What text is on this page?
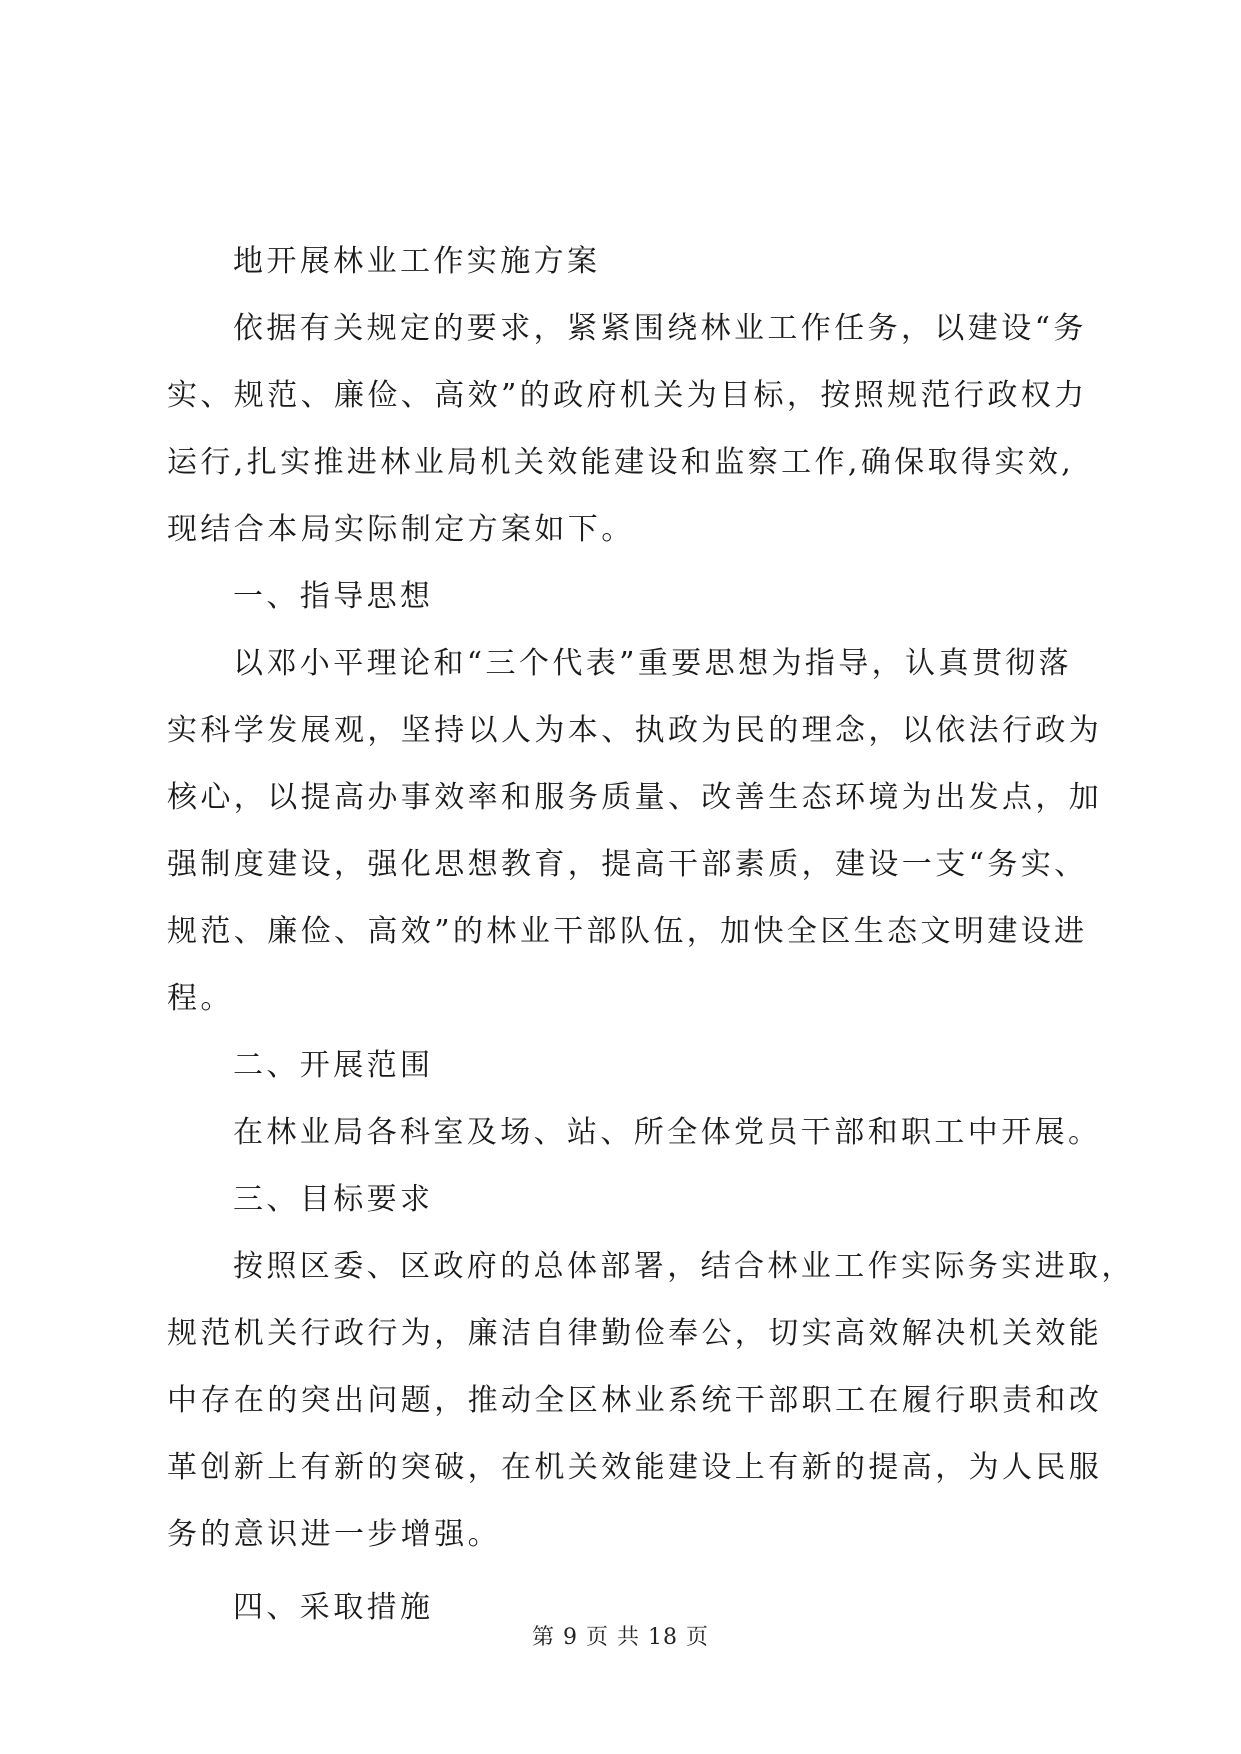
地开展林业工作实施方案
依据有关规定的要求，紧紧围绕林业工作任务，以建设“务
实、规范、廉俭、高效”的政府机关为目标，按照规范行政权力
运行,扎实推进林业局机关效能建设和监察工作,确保取得实效,
现结合本局实际制定方案如下。
一、指导思想
以邓小平理论和“三个代表”重要思想为指导，认真贯彻落
实科学发展观，坚持以人为本、执政为民的理念，以依法行政为
核心，以提高办事效率和服务质量、改善生态环境为出发点，加
强制度建设，强化思想教育，提高干部素质，建设一支“务实、
规范、廉俭、高效”的林业干部队伍，加快全区生态文明建设进
程。
二、开展范围
在林业局各科室及场、站、所全体党员干部和职工中开展。
三、目标要求
按照区委、区政府的总体部署，结合林业工作实际务实进取，
规范机关行政行为，廉洁自律勤俭奉公，切实高效解决机关效能
中存在的突出问题，推动全区林业系统干部职工在履行职责和改
革创新上有新的突破，在机关效能建设上有新的提高，为人民服
务的意识进一步增强。
四、采取措施
第 9 页 共 18 页
